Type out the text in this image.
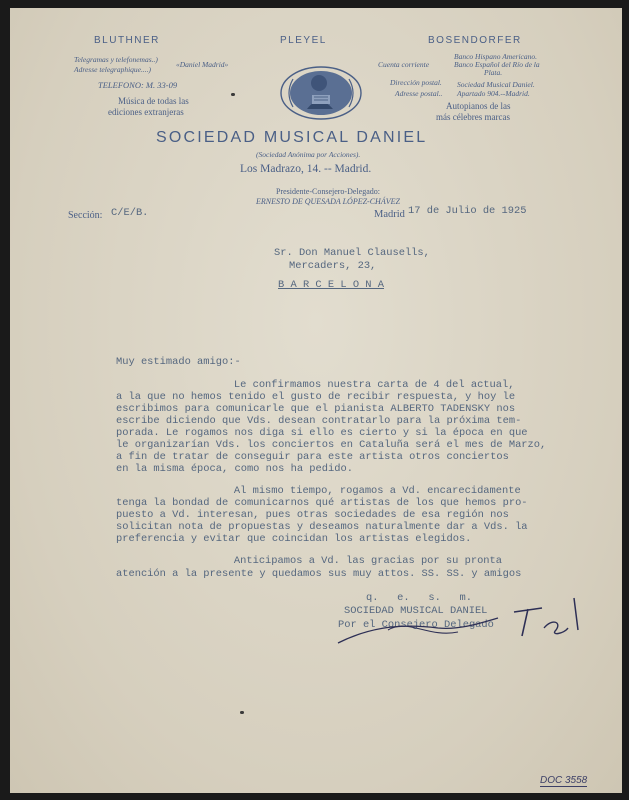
BLUTHNER	PLEYEL	BOSENDORFER
Telegramas y telefonemas..)
Adresse telegraphique....)
«Daniel Madrid»
TELEFONO: M. 33-09
Música de todas las
ediciones extranjeras
Banco Hispano Americano.
Cuenta corriente	Banco Español del Río de la
Plata.
Dirección postal. Sociedad Musical Daniel.
Adresse postal.. Apartado 904.--Madrid.
Autopianos de las
más célebres marcas
SOCIEDAD MUSICAL DANIEL
(Sociedad Anónima por Acciones).
Los Madrazo, 14. -- Madrid.
Presidente-Consejero-Delegado:
ERNESTO DE QUESADA LÓPEZ-CHÁVEZ
Sección: C/E/B.	Madrid 17 de Julio de 1925
Sr. Don Manuel Clausells,
Mercaders, 23,
B A R C E L O N A
Muy estimado amigo:-
Le confirmamos nuestra carta de 4 del actual,
a la que no hemos tenido el gusto de recibir respuesta, y hoy le
escribimos para comunicarle que el pianista ALBERTO TADENSKY nos
escribe diciendo que Vds. desean contratarlo para la próxima tem-
porada. Le rogamos nos diga si ello es cierto y si la época en que
le organizarían Vds. los conciertos en Cataluña será el mes de Marzo,
a fin de tratar de conseguir para este artista otros conciertos
en la misma época, como nos ha pedido.
Al mismo tiempo, rogamos a Vd. encarecidamente
tenga la bondad de comunicarnos qué artistas de los que hemos pro-
puesto a Vd. interesan, pues otras sociedades de esa región nos
solicitan nota de propuestas y deseamos naturalmente dar a Vds. la
preferencia y evitar que coincidan los artistas elegidos.
Anticipamos a Vd. las gracias por su pronta
atención a la presente y quedamos sus muy attos. SS. SS. y amigos
q.   e.   s.   m.
SOCIEDAD MUSICAL DANIEL
Por el Consejero Delegado
DOC 3558
